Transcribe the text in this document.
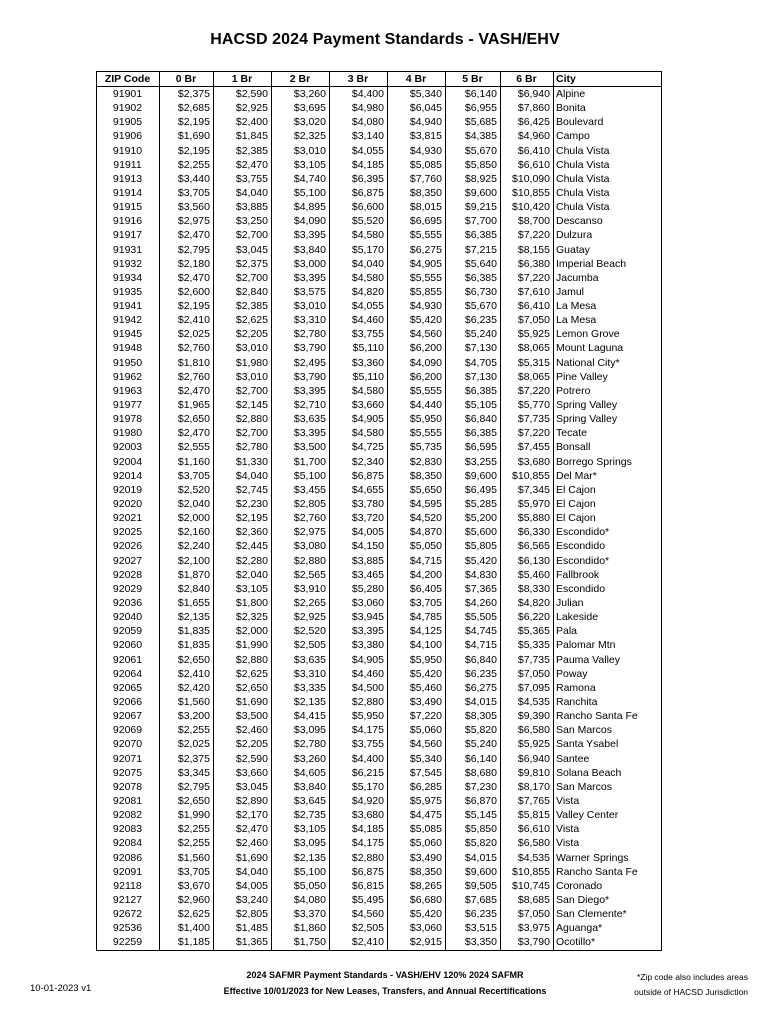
HACSD 2024 Payment Standards - VASH/EHV
ZIP Code	0 Br	1 Br	2 Br	3 Br	4 Br	5 Br	6 Br	City
91901	$2,375	$2,590	$3,260	$4,400	$5,340	$6,140	$6,940	Alpine
91902	$2,685	$2,925	$3,695	$4,980	$6,045	$6,955	$7,860	Bonita
91905	$2,195	$2,400	$3,020	$4,080	$4,940	$5,685	$6,425	Boulevard
91906	$1,690	$1,845	$2,325	$3,140	$3,815	$4,385	$4,960	Campo
91910	$2,195	$2,385	$3,010	$4,055	$4,930	$5,670	$6,410	Chula Vista
91911	$2,255	$2,470	$3,105	$4,185	$5,085	$5,850	$6,610	Chula Vista
91913	$3,440	$3,755	$4,740	$6,395	$7,760	$8,925	$10,090	Chula Vista
91914	$3,705	$4,040	$5,100	$6,875	$8,350	$9,600	$10,855	Chula Vista
91915	$3,560	$3,885	$4,895	$6,600	$8,015	$9,215	$10,420	Chula Vista
91916	$2,975	$3,250	$4,090	$5,520	$6,695	$7,700	$8,700	Descanso
91917	$2,470	$2,700	$3,395	$4,580	$5,555	$6,385	$7,220	Dulzura
91931	$2,795	$3,045	$3,840	$5,170	$6,275	$7,215	$8,155	Guatay
91932	$2,180	$2,375	$3,000	$4,040	$4,905	$5,640	$6,380	Imperial Beach
91934	$2,470	$2,700	$3,395	$4,580	$5,555	$6,385	$7,220	Jacumba
91935	$2,600	$2,840	$3,575	$4,820	$5,855	$6,730	$7,610	Jamul
91941	$2,195	$2,385	$3,010	$4,055	$4,930	$5,670	$6,410	La Mesa
91942	$2,410	$2,625	$3,310	$4,460	$5,420	$6,235	$7,050	La Mesa
91945	$2,025	$2,205	$2,780	$3,755	$4,560	$5,240	$5,925	Lemon Grove
91948	$2,760	$3,010	$3,790	$5,110	$6,200	$7,130	$8,065	Mount Laguna
91950	$1,810	$1,980	$2,495	$3,360	$4,090	$4,705	$5,315	National City*
91962	$2,760	$3,010	$3,790	$5,110	$6,200	$7,130	$8,065	Pine Valley
91963	$2,470	$2,700	$3,395	$4,580	$5,555	$6,385	$7,220	Potrero
91977	$1,965	$2,145	$2,710	$3,660	$4,440	$5,105	$5,770	Spring Valley
91978	$2,650	$2,880	$3,635	$4,905	$5,950	$6,840	$7,735	Spring Valley
91980	$2,470	$2,700	$3,395	$4,580	$5,555	$6,385	$7,220	Tecate
92003	$2,555	$2,780	$3,500	$4,725	$5,735	$6,595	$7,455	Bonsall
92004	$1,160	$1,330	$1,700	$2,340	$2,830	$3,255	$3,680	Borrego Springs
92014	$3,705	$4,040	$5,100	$6,875	$8,350	$9,600	$10,855	Del Mar*
92019	$2,520	$2,745	$3,455	$4,655	$5,650	$6,495	$7,345	El Cajon
92020	$2,040	$2,230	$2,805	$3,780	$4,595	$5,285	$5,970	El Cajon
92021	$2,000	$2,195	$2,760	$3,720	$4,520	$5,200	$5,880	El Cajon
92025	$2,160	$2,360	$2,975	$4,005	$4,870	$5,600	$6,330	Escondido*
92026	$2,240	$2,445	$3,080	$4,150	$5,050	$5,805	$6,565	Escondido
92027	$2,100	$2,280	$2,880	$3,885	$4,715	$5,420	$6,130	Escondido*
92028	$1,870	$2,040	$2,565	$3,465	$4,200	$4,830	$5,460	Fallbrook
92029	$2,840	$3,105	$3,910	$5,280	$6,405	$7,365	$8,330	Escondido
92036	$1,655	$1,800	$2,265	$3,060	$3,705	$4,260	$4,820	Julian
92040	$2,135	$2,325	$2,925	$3,945	$4,785	$5,505	$6,220	Lakeside
92059	$1,835	$2,000	$2,520	$3,395	$4,125	$4,745	$5,365	Pala
92060	$1,835	$1,990	$2,505	$3,380	$4,100	$4,715	$5,335	Palomar Mtn
92061	$2,650	$2,880	$3,635	$4,905	$5,950	$6,840	$7,735	Pauma Valley
92064	$2,410	$2,625	$3,310	$4,460	$5,420	$6,235	$7,050	Poway
92065	$2,420	$2,650	$3,335	$4,500	$5,460	$6,275	$7,095	Ramona
92066	$1,560	$1,690	$2,135	$2,880	$3,490	$4,015	$4,535	Ranchita
92067	$3,200	$3,500	$4,415	$5,950	$7,220	$8,305	$9,390	Rancho Santa Fe
92069	$2,255	$2,460	$3,095	$4,175	$5,060	$5,820	$6,580	San Marcos
92070	$2,025	$2,205	$2,780	$3,755	$4,560	$5,240	$5,925	Santa Ysabel
92071	$2,375	$2,590	$3,260	$4,400	$5,340	$6,140	$6,940	Santee
92075	$3,345	$3,660	$4,605	$6,215	$7,545	$8,680	$9,810	Solana Beach
92078	$2,795	$3,045	$3,840	$5,170	$6,285	$7,230	$8,170	San Marcos
92081	$2,650	$2,890	$3,645	$4,920	$5,975	$6,870	$7,765	Vista
92082	$1,990	$2,170	$2,735	$3,680	$4,475	$5,145	$5,815	Valley Center
92083	$2,255	$2,470	$3,105	$4,185	$5,085	$5,850	$6,610	Vista
92084	$2,255	$2,460	$3,095	$4,175	$5,060	$5,820	$6,580	Vista
92086	$1,560	$1,690	$2,135	$2,880	$3,490	$4,015	$4,535	Warner Springs
92091	$3,705	$4,040	$5,100	$6,875	$8,350	$9,600	$10,855	Rancho Santa Fe
92118	$3,670	$4,005	$5,050	$6,815	$8,265	$9,505	$10,745	Coronado
92127	$2,960	$3,240	$4,080	$5,495	$6,680	$7,685	$8,685	San Diego*
92672	$2,625	$2,805	$3,370	$4,560	$5,420	$6,235	$7,050	San Clemente*
92536	$1,400	$1,485	$1,860	$2,505	$3,060	$3,515	$3,975	Aguanga*
92259	$1,185	$1,365	$1,750	$2,410	$2,915	$3,350	$3,790	Ocotillo*
10-01-2023 v1
2024 SAFMR Payment Standards - VASH/EHV 120% 2024 SAFMR
Effective 10/01/2023 for New Leases, Transfers, and Annual Recertifications
*Zip code also includes areas
outside of HACSD Jurisdiction
